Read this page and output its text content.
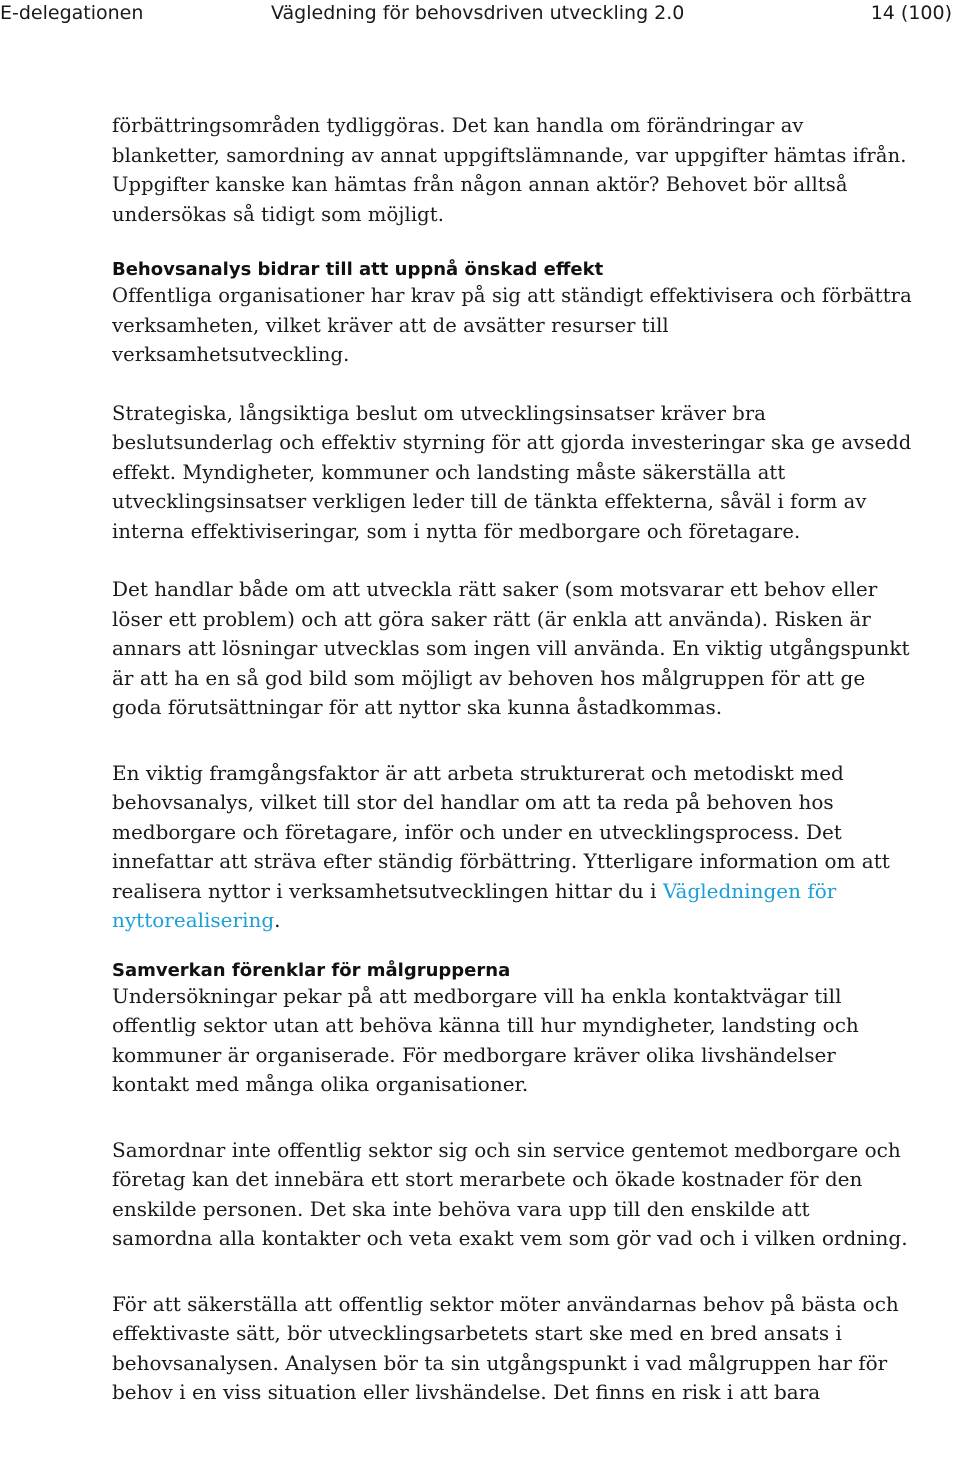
E-delegationen	Vägledning för behovsdriven utveckling 2.0	14 (100)

förbättringsområden tydliggöras. Det kan handla om förändringar av blanketter, samordning av annat uppgiftslämnande, var uppgifter hämtas ifrån. Uppgifter kanske kan hämtas från någon annan aktör? Behovet bör alltså undersökas så tidigt som möjligt.

Behovsanalys bidrar till att uppnå önskad effekt

Offentliga organisationer har krav på sig att ständigt effektivisera och förbättra verksamheten, vilket kräver att de avsätter resurser till verksamhetsutveckling.

Strategiska, långsiktiga beslut om utvecklingsinsatser kräver bra beslutsunderlag och effektiv styrning för att gjorda investeringar ska ge avsedd effekt. Myndigheter, kommuner och landsting måste säkerställa att utvecklingsinsatser verkligen leder till de tänkta effekterna, såväl i form av interna effektiviseringar, som i nytta för medborgare och företagare.

Det handlar både om att utveckla rätt saker (som motsvarar ett behov eller löser ett problem) och att göra saker rätt (är enkla att använda). Risken är annars att lösningar utvecklas som ingen vill använda. En viktig utgångspunkt är att ha en så god bild som möjligt av behoven hos målgruppen för att ge goda förutsättningar för att nyttor ska kunna åstadkommas.

En viktig framgångsfaktor är att arbeta strukturerat och metodiskt med behovsanalys, vilket till stor del handlar om att ta reda på behoven hos medborgare och företagare, inför och under en utvecklingsprocess. Det innefattar att sträva efter ständig förbättring. Ytterligare information om att realisera nyttor i verksamhetsutvecklingen hittar du i Vägledningen för nyttorealisering.

Samverkan förenklar för målgrupperna

Undersökningar pekar på att medborgare vill ha enkla kontaktvägar till offentlig sektor utan att behöva känna till hur myndigheter, landsting och kommuner är organiserade. För medborgare kräver olika livshändelser kontakt med många olika organisationer.

Samordnar inte offentlig sektor sig och sin service gentemot medborgare och företag kan det innebära ett stort merarbete och ökade kostnader för den enskilde personen. Det ska inte behöva vara upp till den enskilde att samordna alla kontakter och veta exakt vem som gör vad och i vilken ordning.

För att säkerställa att offentlig sektor möter användarnas behov på bästa och effektivaste sätt, bör utvecklingsarbetets start ske med en bred ansats i behovsanalysen. Analysen bör ta sin utgångspunkt i vad målgruppen har för behov i en viss situation eller livshändelse. Det finns en risk i att bara
